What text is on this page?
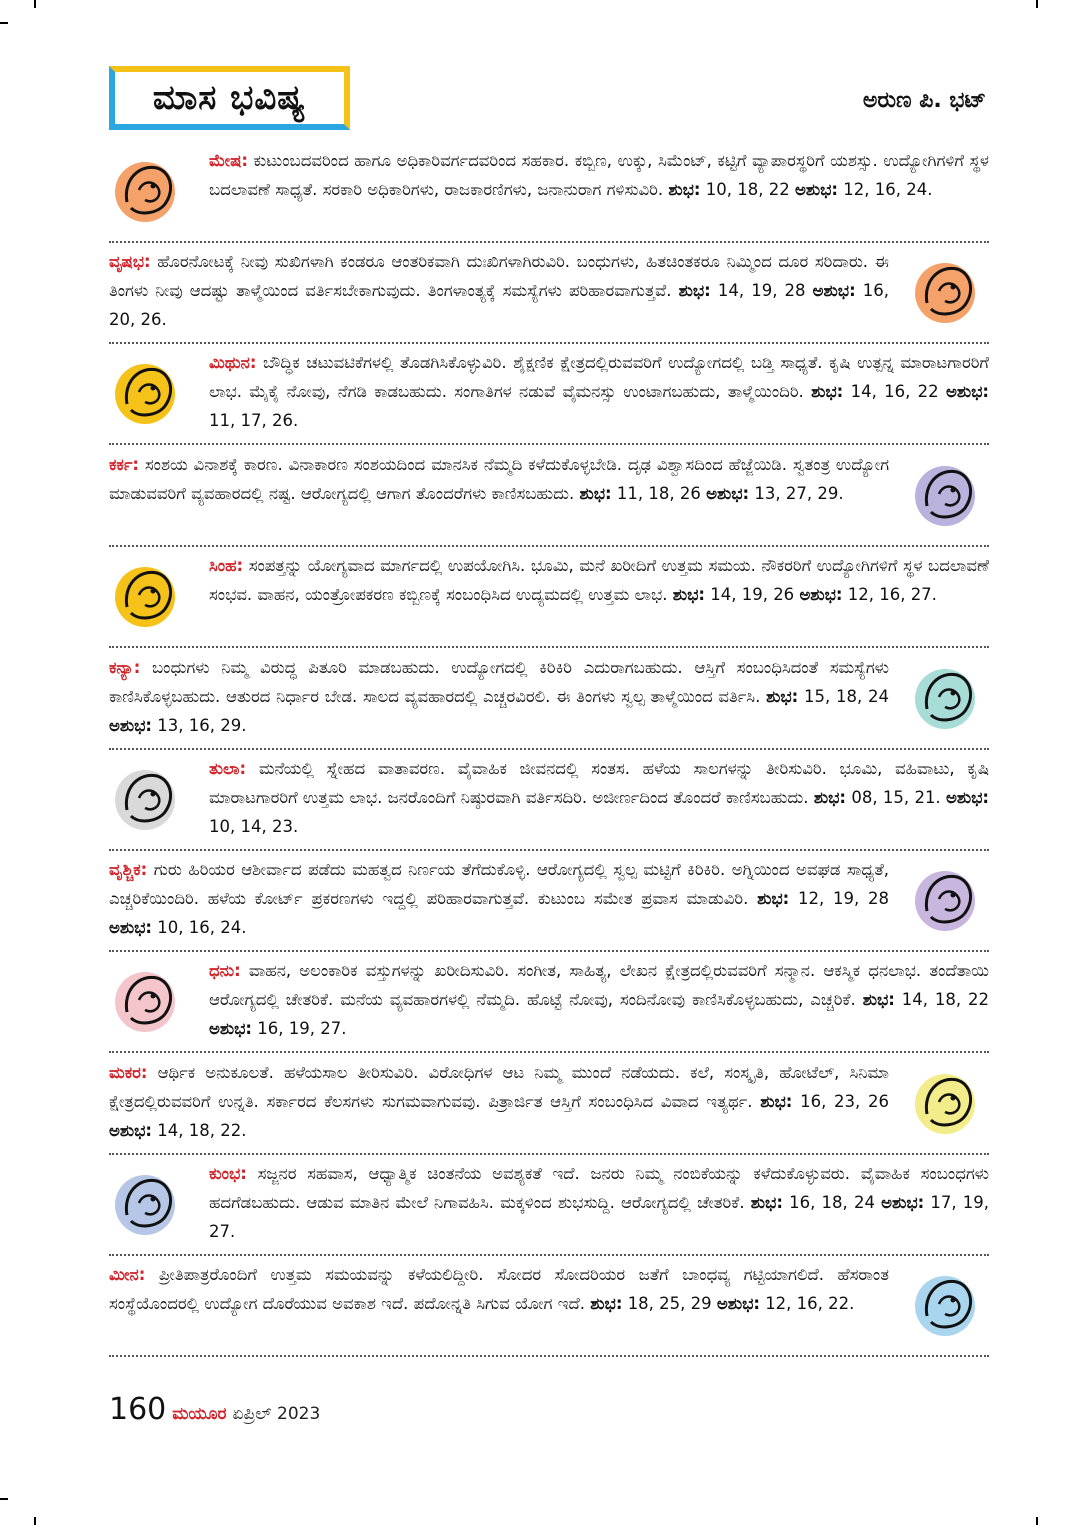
ಮಾಸ ಭವಿಷ್ಯ	ಅರುಣ ಪಿ. ಭಟ್
ಮೇಷ: ಕುಟುಂಬದವರಿಂದ ಹಾಗೂ ಅಧಿಕಾರಿವರ್ಗದವರಿಂದ ಸಹಕಾರ. ಕಬ್ಬಿಣ, ಉಕ್ಕು, ಸಿಮೆಂಟ್‌, ಕಟ್ಟಿಗೆ ವ್ಯಾಪಾರಸ್ಥರಿಗೆ ಯಶಸ್ಸು. ಉದ್ಯೋಗಿಗಳಿಗೆ ಸ್ಥಳ ಬದಲಾವಣೆ ಸಾಧ್ಯತೆ. ಸರಕಾರಿ ಅಧಿಕಾರಿಗಳು, ರಾಜಕಾರಣಿಗಳು, ಜನಾನುರಾಗ ಗಳಿಸುವಿರಿ. ಶುಭ: 10, 18, 22 ಅಶುಭ: 12, 16, 24.
ವೃಷಭ: ಹೊರನೋಟಕ್ಕೆ ನೀವು ಸುಖಿಗಳಾಗಿ ಕಂಡರೂ ಆಂತರಿಕವಾಗಿ ದುಃಖಿಗಳಾಗಿರುವಿರಿ. ಬಂಧುಗಳು, ಹಿತಚಿಂತಕರೂ ನಿಮ್ಮಿಂದ ದೂರ ಸರಿದಾರು. ಈ ತಿಂಗಳು ನೀವು ಆದಷ್ಟು ತಾಳ್ಮೆಯಿಂದ ವರ್ತಿಸಬೇಕಾಗುವುದು. ತಿಂಗಳಾಂತ್ಯಕ್ಕೆ ಸಮಸ್ಯೆಗಳು ಪರಿಹಾರವಾಗುತ್ತವೆ. ಶುಭ: 14, 19, 28 ಅಶುಭ: 16, 20, 26.
ಮಿಥುನ: ಬೌದ್ಧಿಕ ಚಟುವಟಿಕೆಗಳಲ್ಲಿ ತೊಡಗಿಸಿಕೊಳ್ಳುವಿರಿ. ಶೈಕ್ಷಣಿಕ ಕ್ಷೇತ್ರದಲ್ಲಿರುವವರಿಗೆ ಉದ್ಯೋಗದಲ್ಲಿ ಬಡ್ತಿ ಸಾಧ್ಯತೆ. ಕೃಷಿ ಉತ್ಪನ್ನ ಮಾರಾಟಗಾರರಿಗೆ ಲಾಭ. ಮೈಕೈ ನೋವು, ನೆಗಡಿ ಕಾಡಬಹುದು. ಸಂಗಾತಿಗಳ ನಡುವೆ ವೈಮನಸ್ಸು ಉಂಟಾಗಬಹುದು, ತಾಳ್ಮೆಯಿಂದಿರಿ. ಶುಭ: 14, 16, 22 ಅಶುಭ: 11, 17, 26.
ಕರ್ಕ: ಸಂಶಯ ವಿನಾಶಕ್ಕೆ ಕಾರಣ. ವಿನಾಕಾರಣ ಸಂಶಯದಿಂದ ಮಾನಸಿಕ ನೆಮ್ಮದಿ ಕಳೆದುಕೊಳ್ಳಬೇಡಿ. ದೃಢ ವಿಶ್ವಾಸದಿಂದ ಹೆಜ್ಜೆಯಿಡಿ. ಸ್ವತಂತ್ರ ಉದ್ಯೋಗ ಮಾಡುವವರಿಗೆ ವ್ಯವಹಾರದಲ್ಲಿ ನಷ್ಟ. ಆರೋಗ್ಯದಲ್ಲಿ ಆಗಾಗ ತೊಂದರೆಗಳು ಕಾಣಿಸಬಹುದು. ಶುಭ: 11, 18, 26 ಅಶುಭ: 13, 27, 29.
ಸಿಂಹ: ಸಂಪತ್ತನ್ನು ಯೋಗ್ಯವಾದ ಮಾರ್ಗದಲ್ಲಿ ಉಪಯೋಗಿಸಿ. ಭೂಮಿ, ಮನೆ ಖರೀದಿಗೆ ಉತ್ತಮ ಸಮಯ. ನೌಕರರಿಗೆ ಉದ್ಯೋಗಿಗಳಿಗೆ ಸ್ಥಳ ಬದಲಾವಣೆ ಸಂಭವ. ವಾಹನ, ಯಂತ್ರೋಪಕರಣ ಕಬ್ಬಿಣಕ್ಕೆ ಸಂಬಂಧಿಸಿದ ಉದ್ಯಮದಲ್ಲಿ ಉತ್ತಮ ಲಾಭ. ಶುಭ: 14, 19, 26 ಅಶುಭ: 12, 16, 27.
ಕನ್ಯಾ: ಬಂಧುಗಳು ನಿಮ್ಮ ವಿರುದ್ಧ ಪಿತೂರಿ ಮಾಡಬಹುದು. ಉದ್ಯೋಗದಲ್ಲಿ ಕಿರಿಕಿರಿ ಎದುರಾಗಬಹುದು. ಆಸ್ತಿಗೆ ಸಂಬಂಧಿಸಿದಂತೆ ಸಮಸ್ಯೆಗಳು ಕಾಣಿಸಿಕೊಳ್ಳಬಹುದು. ಆತುರದ ನಿರ್ಧಾರ ಬೇಡ. ಸಾಲದ ವ್ಯವಹಾರದಲ್ಲಿ ಎಚ್ಚರವಿರಲಿ. ಈ ತಿಂಗಳು ಸ್ವಲ್ಪ ತಾಳ್ಮೆಯಿಂದ ವರ್ತಿಸಿ. ಶುಭ: 15, 18, 24 ಅಶುಭ: 13, 16, 29.
ತುಲಾ: ಮನೆಯಲ್ಲಿ ಸ್ನೇಹದ ವಾತಾವರಣ. ವೈವಾಹಿಕ ಜೀವನದಲ್ಲಿ ಸಂತಸ. ಹಳೆಯ ಸಾಲಗಳನ್ನು ತೀರಿಸುವಿರಿ. ಭೂಮಿ, ವಹಿವಾಟು, ಕೃಷಿ ಮಾರಾಟಗಾರರಿಗೆ ಉತ್ತಮ ಲಾಭ. ಜನರೊಂದಿಗೆ ನಿಷ್ಠುರವಾಗಿ ವರ್ತಿಸದಿರಿ. ಅಜೀರ್ಣದಿಂದ ತೊಂದರೆ ಕಾಣಿಸಬಹುದು. ಶುಭ: 08, 15, 21. ಅಶುಭ: 10, 14, 23.
ವೃಶ್ಚಿಕ: ಗುರು ಹಿರಿಯರ ಆಶೀರ್ವಾದ ಪಡೆದು ಮಹತ್ವದ ನಿರ್ಣಯ ತೆಗೆದುಕೊಳ್ಳಿ. ಆರೋಗ್ಯದಲ್ಲಿ ಸ್ವಲ್ಪ ಮಟ್ಟಿಗೆ ಕಿರಿಕಿರಿ. ಅಗ್ನಿಯಿಂದ ಅವಘಡ ಸಾಧ್ಯತೆ, ಎಚ್ಚರಿಕೆಯಿಂದಿರಿ. ಹಳೆಯ ಕೋರ್ಟ್‌ ಪ್ರಕರಣಗಳು ಇದ್ದಲ್ಲಿ ಪರಿಹಾರವಾಗುತ್ತವೆ. ಕುಟುಂಬ ಸಮೇತ ಪ್ರವಾಸ ಮಾಡುವಿರಿ. ಶುಭ: 12, 19, 28 ಅಶುಭ: 10, 16, 24.
ಧನು: ವಾಹನ, ಅಲಂಕಾರಿಕ ವಸ್ತುಗಳನ್ನು ಖರೀದಿಸುವಿರಿ. ಸಂಗೀತ, ಸಾಹಿತ್ಯ, ಲೇಖನ ಕ್ಷೇತ್ರದಲ್ಲಿರುವವರಿಗೆ ಸನ್ಮಾನ. ಆಕಸ್ಮಿಕ ಧನಲಾಭ. ತಂದೆತಾಯಿ ಆರೋಗ್ಯದಲ್ಲಿ ಚೇತರಿಕೆ. ಮನೆಯ ವ್ಯವಹಾರಗಳಲ್ಲಿ ನೆಮ್ಮದಿ. ಹೊಟ್ಟೆ ನೋವು, ಸಂದಿನೋವು ಕಾಣಿಸಿಕೊಳ್ಳಬಹುದು, ಎಚ್ಚರಿಕೆ. ಶುಭ: 14, 18, 22 ಅಶುಭ: 16, 19, 27.
ಮಕರ: ಆರ್ಥಿಕ ಅನುಕೂಲತೆ. ಹಳೆಯಸಾಲ ತೀರಿಸುವಿರಿ. ವಿರೋಧಿಗಳ ಆಟ ನಿಮ್ಮ ಮುಂದೆ ನಡೆಯದು. ಕಲೆ, ಸಂಸ್ಕೃತಿ, ಹೋಟೆಲ್‌, ಸಿನಿಮಾ ಕ್ಷೇತ್ರದಲ್ಲಿರುವವರಿಗೆ ಉನ್ನತಿ. ಸರ್ಕಾರದ ಕೆಲಸಗಳು ಸುಗಮವಾಗುವವು. ಪಿತ್ರಾರ್ಜಿತ ಆಸ್ತಿಗೆ ಸಂಬಂಧಿಸಿದ ವಿವಾದ ಇತ್ಯರ್ಥ. ಶುಭ: 16, 23, 26 ಅಶುಭ: 14, 18, 22.
ಕುಂಭ: ಸಜ್ಜನರ ಸಹವಾಸ, ಆಧ್ಯಾತ್ಮಿಕ ಚಿಂತನೆಯ ಅವಶ್ಯಕತೆ ಇದೆ. ಜನರು ನಿಮ್ಮ ನಂಬಿಕೆಯನ್ನು ಕಳೆದುಕೊಳ್ಳುವರು. ವೈವಾಹಿಕ ಸಂಬಂಧಗಳು ಹದಗೆಡಬಹುದು. ಆಡುವ ಮಾತಿನ ಮೇಲೆ ನಿಗಾವಹಿಸಿ. ಮಕ್ಕಳಿಂದ ಶುಭಸುದ್ದಿ. ಆರೋಗ್ಯದಲ್ಲಿ ಚೇತರಿಕೆ. ಶುಭ: 16, 18, 24 ಅಶುಭ: 17, 19, 27.
ಮೀನ: ಪ್ರೀತಿಪಾತ್ರರೊಂದಿಗೆ ಉತ್ತಮ ಸಮಯವನ್ನು ಕಳೆಯಲಿದ್ದೀರಿ. ಸೋದರ ಸೋದರಿಯರ ಜತೆಗೆ ಬಾಂಧವ್ಯ ಗಟ್ಟಿಯಾಗಲಿದೆ. ಹೆಸರಾಂತ ಸಂಸ್ಥೆಯೊಂದರಲ್ಲಿ ಉದ್ಯೋಗ ದೊರೆಯುವ ಅವಕಾಶ ಇದೆ. ಪದೋನ್ನತಿ ಸಿಗುವ ಯೋಗ ಇದೆ. ಶುಭ: 18, 25, 29 ಅಶುಭ: 12, 16, 22.
160 ಮಯೂರ ಏಪ್ರಿಲ್ 2023
